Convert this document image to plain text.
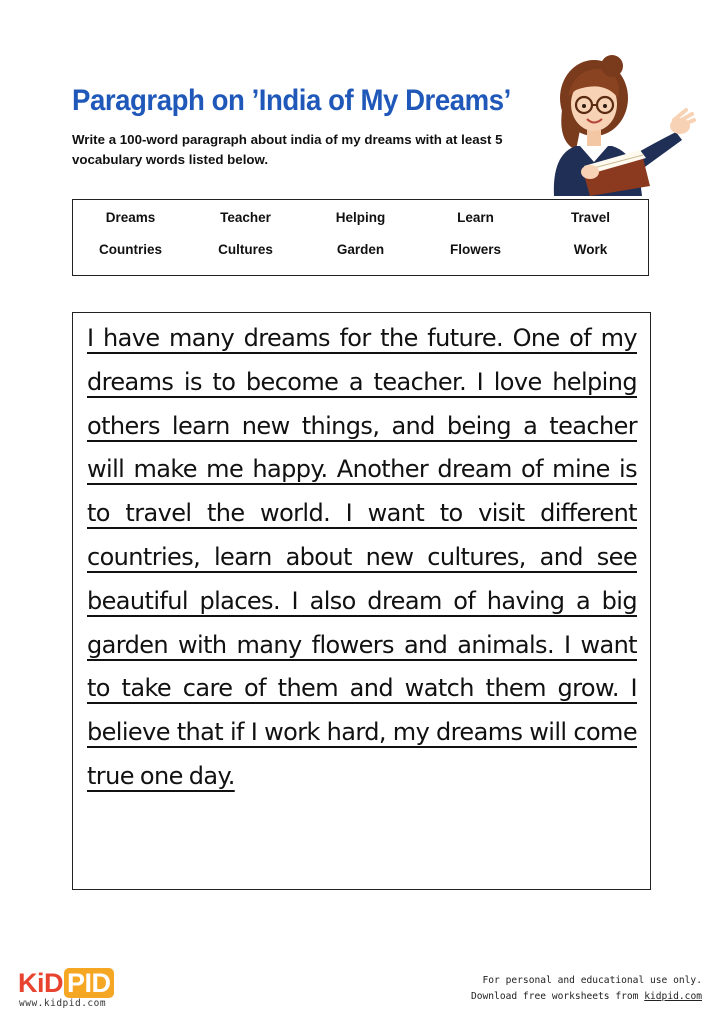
Paragraph on ’India of My Dreams’

Write a 100-word paragraph about india of my dreams with at least 5 vocabulary words listed below.

Dreams	Teacher	Helping	Learn	Travel
Countries	Cultures	Garden	Flowers	Work

I have many dreams for the future. One of my dreams is to become a teacher. I love helping others learn new things, and being a teacher will make me happy. Another dream of mine is to travel the world. I want to visit different countries, learn about new cultures, and see beautiful places. I also dream of having a big garden with many flowers and animals. I want to take care of them and watch them grow. I believe that if I work hard, my dreams will come true one day.

KiD PID
www.kidpid.com
For personal and educational use only.
Download free worksheets from kidpid.com
